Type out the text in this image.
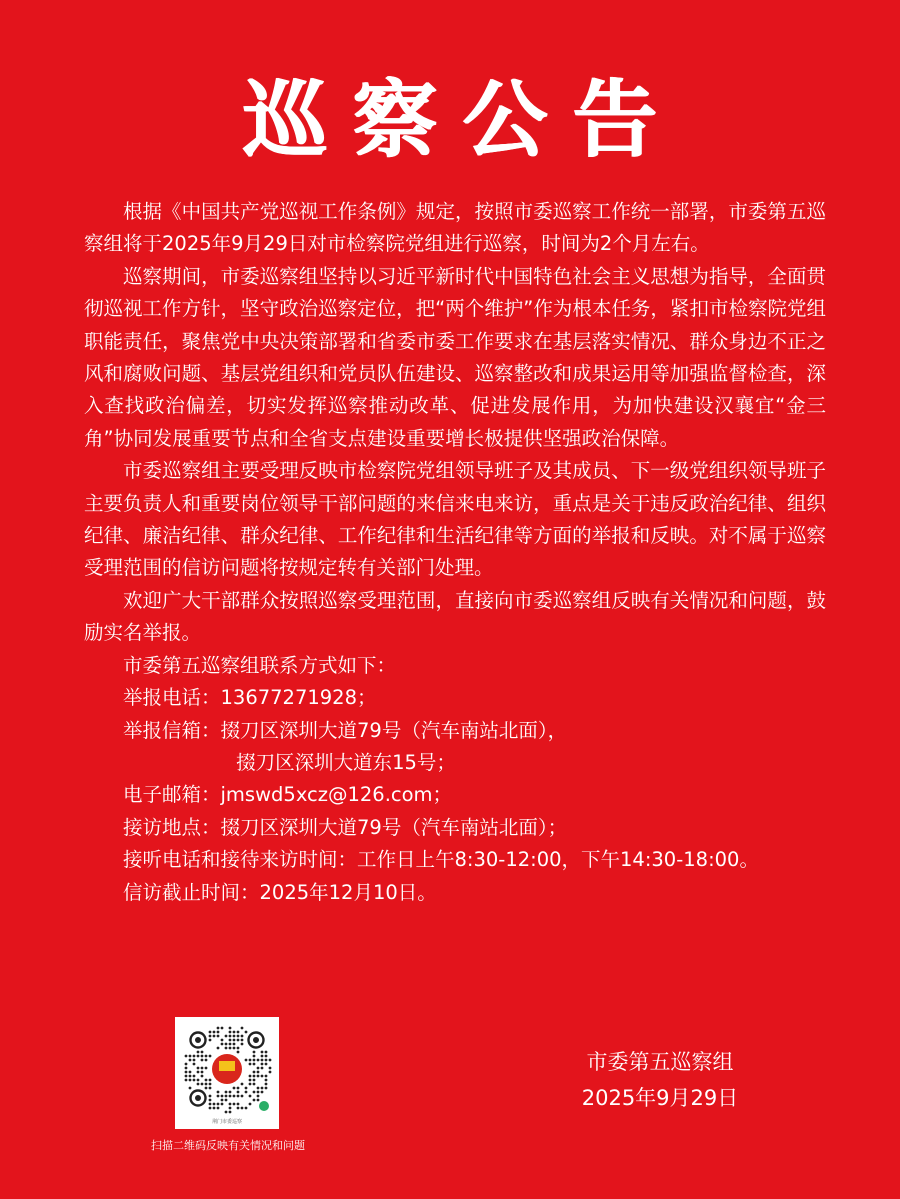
巡察公告

根据《中国共产党巡视工作条例》规定，按照市委巡察工作统一部署，市委第五巡察组将于2025年9月29日对市检察院党组进行巡察，时间为2个月左右。

巡察期间，市委巡察组坚持以习近平新时代中国特色社会主义思想为指导，全面贯彻巡视工作方针，坚守政治巡察定位，把“两个维护”作为根本任务，紧扣市检察院党组职能责任，聚焦党中央决策部署和省委市委工作要求在基层落实情况、群众身边不正之风和腐败问题、基层党组织和党员队伍建设、巡察整改和成果运用等加强监督检查，深入查找政治偏差，切实发挥巡察推动改革、促进发展作用，为加快建设汉襄宜“金三角”协同发展重要节点和全省支点建设重要增长极提供坚强政治保障。

市委巡察组主要受理反映市检察院党组领导班子及其成员、下一级党组织领导班子主要负责人和重要岗位领导干部问题的来信来电来访，重点是关于违反政治纪律、组织纪律、廉洁纪律、群众纪律、工作纪律和生活纪律等方面的举报和反映。对不属于巡察受理范围的信访问题将按规定转有关部门处理。

欢迎广大干部群众按照巡察受理范围，直接向市委巡察组反映有关情况和问题，鼓励实名举报。

市委第五巡察组联系方式如下：
举报电话：13677271928；
举报信箱：掇刀区深圳大道79号（汽车南站北面），
掇刀区深圳大道东15号；
电子邮箱：jmswd5xcz@126.com；
接访地点：掇刀区深圳大道79号（汽车南站北面）；

接听电话和接待来访时间：工作日上午8:30-12:00，下午14:30-18:00。

信访截止时间：2025年12月10日。
荆门市委巡察
扫描二维码反映有关情况和问题
市委第五巡察组
2025年9月29日
